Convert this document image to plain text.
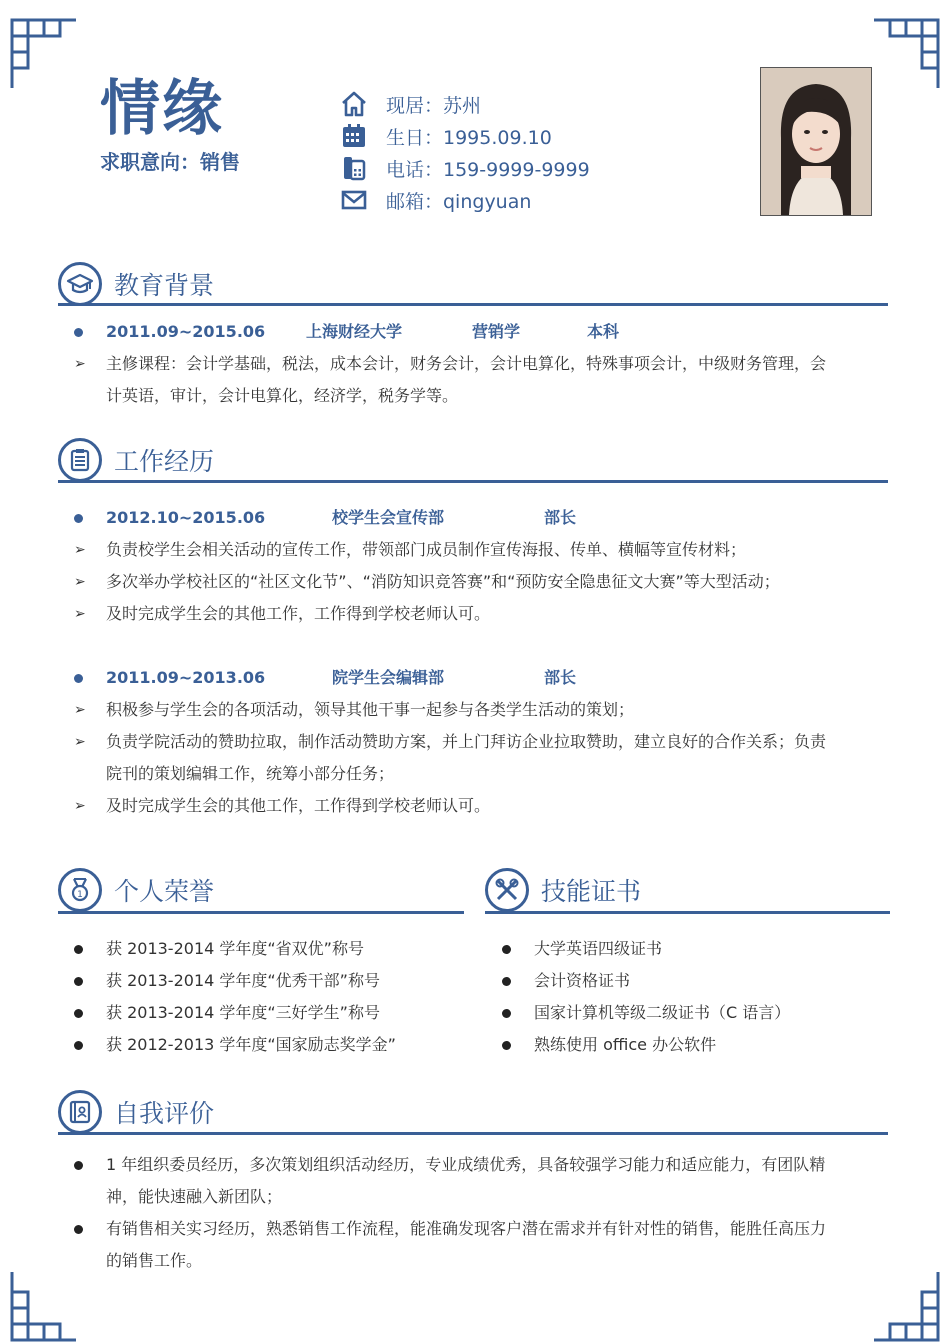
情缘
求职意向：销售
现居：苏州
生日：1995.09.10
电话：159-9999-9999
邮箱：qingyuan
教育背景
2011.09~2015.06	上海财经大学	营销学	本科
➢ 主修课程：会计学基础，税法，成本会计，财务会计，会计电算化，特殊事项会计，中级财务管理，会
计英语，审计，会计电算化，经济学，税务学等。
工作经历
2012.10~2015.06	校学生会宣传部	部长
➢ 负责校学生会相关活动的宣传工作，带领部门成员制作宣传海报、传单、横幅等宣传材料；
➢ 多次举办学校社区的“社区文化节”、“消防知识竞答赛”和“预防安全隐患征文大赛”等大型活动；
➢ 及时完成学生会的其他工作，工作得到学校老师认可。
2011.09~2013.06	院学生会编辑部	部长
➢ 积极参与学生会的各项活动，领导其他干事一起参与各类学生活动的策划；
➢ 负责学院活动的赞助拉取，制作活动赞助方案，并上门拜访企业拉取赞助，建立良好的合作关系；负责
院刊的策划编辑工作，统筹小部分任务；
➢ 及时完成学生会的其他工作，工作得到学校老师认可。
1 个人荣誉
获 2013-2014 学年度“省双优”称号
获 2013-2014 学年度“优秀干部”称号
获 2013-2014 学年度“三好学生”称号
获 2012-2013 学年度“国家励志奖学金”
技能证书
大学英语四级证书
会计资格证书
国家计算机等级二级证书（C 语言）
熟练使用 office 办公软件
自我评价
1 年组织委员经历，多次策划组织活动经历，专业成绩优秀，具备较强学习能力和适应能力，有团队精
神，能快速融入新团队；
有销售相关实习经历，熟悉销售工作流程，能准确发现客户潜在需求并有针对性的销售，能胜任高压力
的销售工作。
